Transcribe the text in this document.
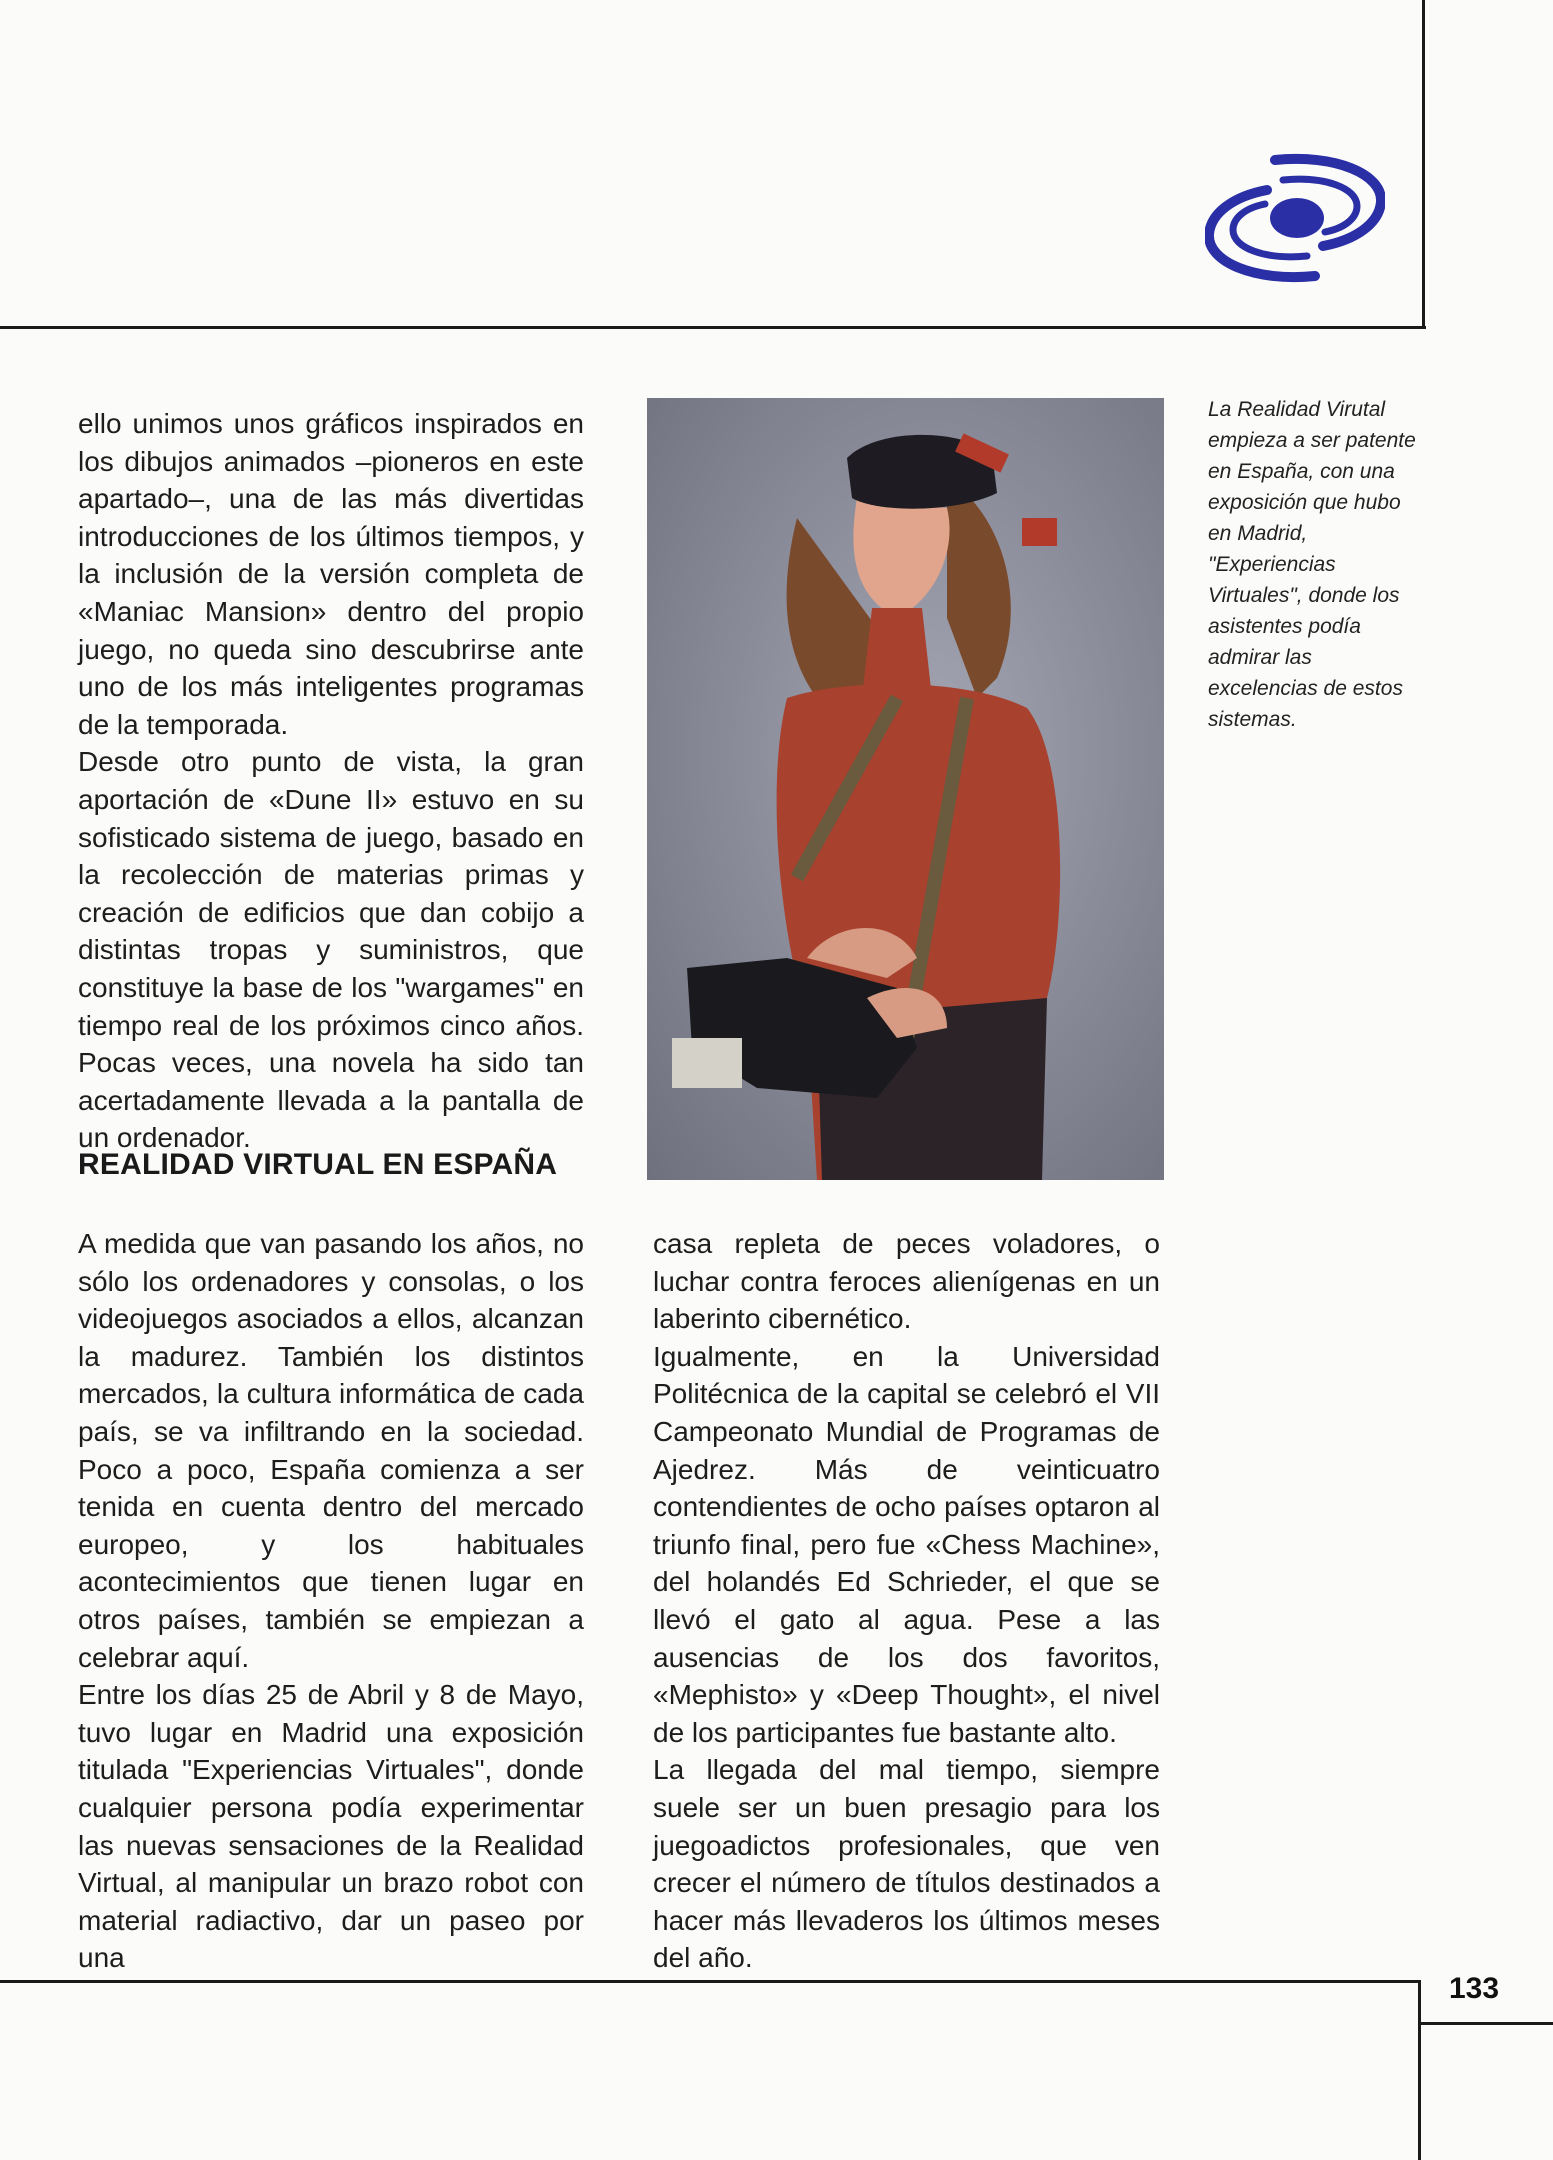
ello unimos unos gráficos inspirados en los dibujos animados –pioneros en este apartado–, una de las más divertidas introducciones de los últimos tiempos, y la inclusión de la versión completa de «Maniac Mansion» dentro del propio juego, no queda sino descubrirse ante uno de los más inteligentes programas de la temporada.

Desde otro punto de vista, la gran aportación de «Dune II» estuvo en su sofisticado sistema de juego, basado en la recolección de materias primas y creación de edificios que dan cobijo a distintas tropas y suministros, que constituye la base de los "wargames" en tiempo real de los próximos cinco años. Pocas veces, una novela ha sido tan acertadamente llevada a la pantalla de un ordenador.

La Realidad Virutal empieza a ser patente en España, con una exposición que hubo en Madrid, "Experiencias Virtuales", donde los asistentes podía admirar las excelencias de estos sistemas.
REALIDAD VIRTUAL EN ESPAÑA

A medida que van pasando los años, no sólo los ordenadores y consolas, o los videojuegos asociados a ellos, alcanzan la madurez. También los distintos mercados, la cultura informática de cada país, se va infiltrando en la sociedad. Poco a poco, España comienza a ser tenida en cuenta dentro del mercado europeo, y los habituales acontecimientos que tienen lugar en otros países, también se empiezan a celebrar aquí.

Entre los días 25 de Abril y 8 de Mayo, tuvo lugar en Madrid una exposición titulada "Experiencias Virtuales", donde cualquier persona podía experimentar las nuevas sensaciones de la Realidad Virtual, al manipular un brazo robot con material radiactivo, dar un paseo por una

casa repleta de peces voladores, o luchar contra feroces alienígenas en un laberinto cibernético.

Igualmente, en la Universidad Politécnica de la capital se celebró el VII Campeonato Mundial de Programas de Ajedrez. Más de veinticuatro contendientes de ocho países optaron al triunfo final, pero fue «Chess Machine», del holandés Ed Schrieder, el que se llevó el gato al agua. Pese a las ausencias de los dos favoritos, «Mephisto» y «Deep Thought», el nivel de los participantes fue bastante alto.

La llegada del mal tiempo, siempre suele ser un buen presagio para los juegoadictos profesionales, que ven crecer el número de títulos destinados a hacer más llevaderos los últimos meses del año.

133
